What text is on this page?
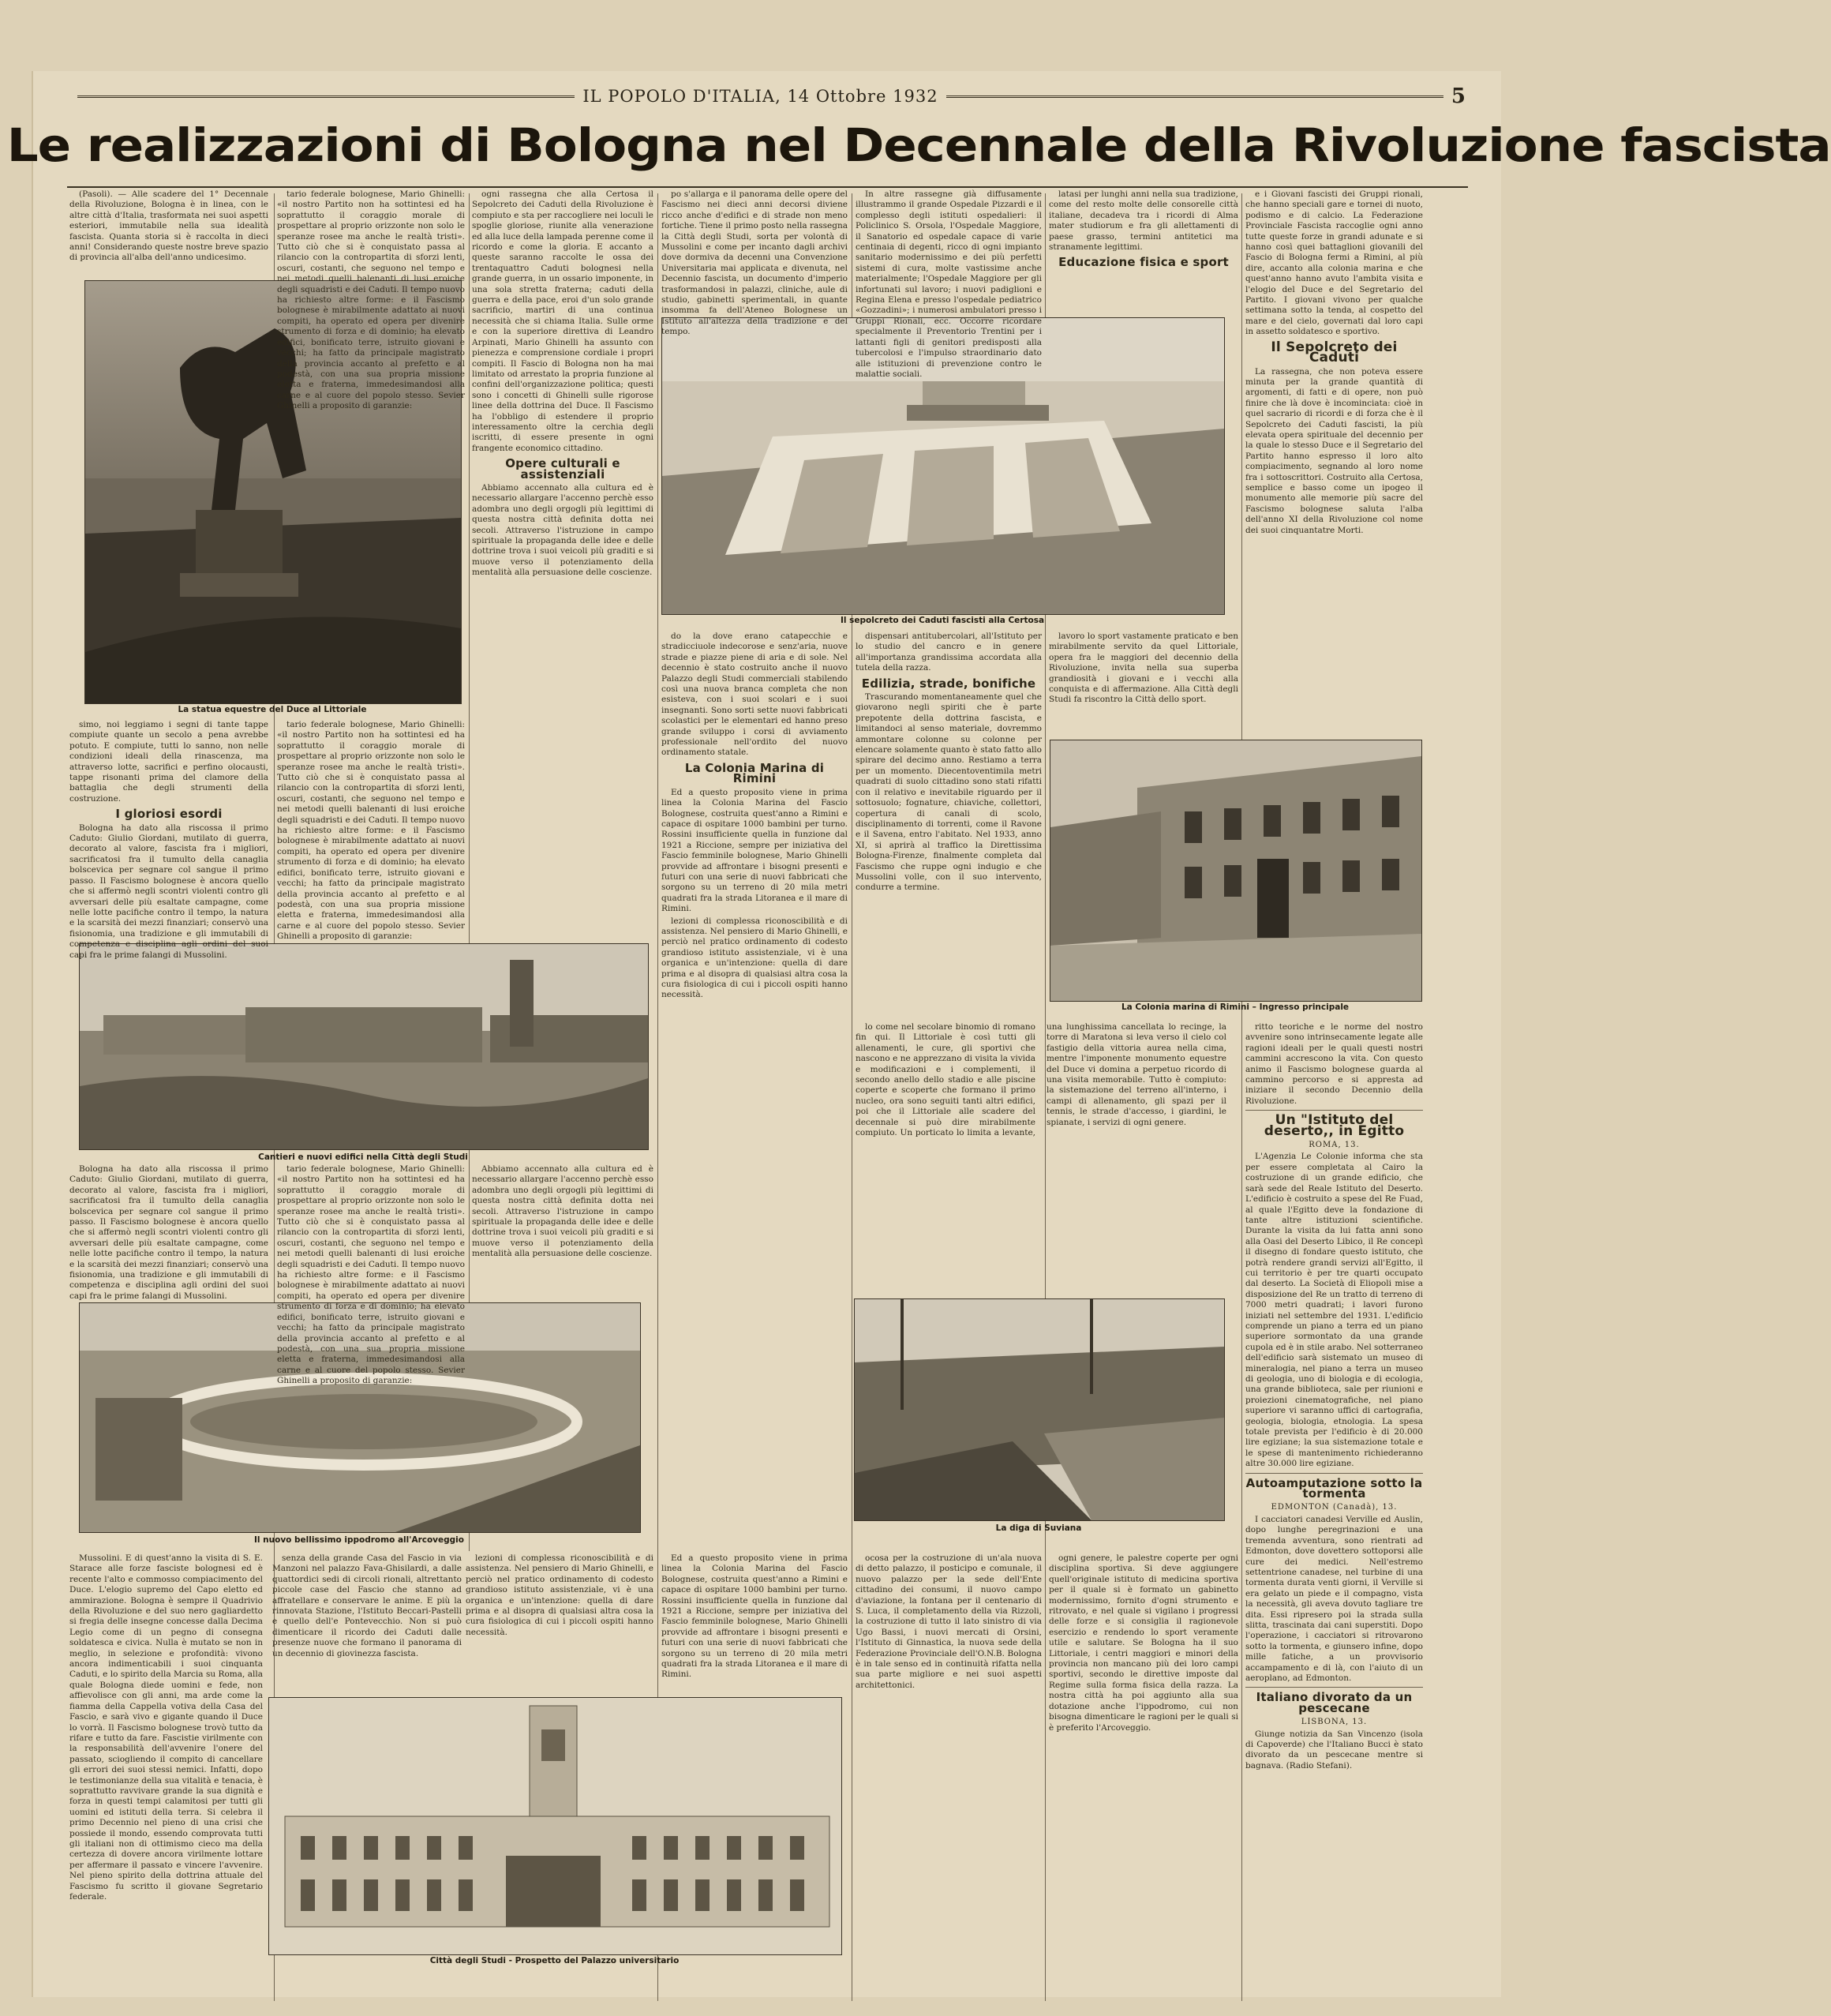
IL POPOLO D'ITALIA, 14 Ottobre 1932	5
Le realizzazioni di Bologna nel Decennale della Rivoluzione fascista
La statua equestre del Duce al Littoriale
Il sepolcreto dei Caduti fascisti alla Certosa
La Colonia marina di Rimini – Ingresso principale
Cantieri e nuovi edifici nella Città degli Studi
Il nuovo bellissimo ippodromo all'Arcoveggio
La diga di Suviana
Città degli Studi - Prospetto del Palazzo universitario

(Pasoli). — Alle scadere del 1° Decennale della Rivoluzione, Bologna è in linea, con le altre città d'Italia, trasformata nei suoi aspetti esteriori, immutabile nella sua idealità fascista. Quanta storia si è raccolta in dieci anni! Considerando queste nostre breve spazio di provincia all'alba dell'anno undicesimo.

simo, noi leggiamo i segni di tante tappe compiute quante un secolo a pena avrebbe potuto. E compiute, tutti lo sanno, non nelle condizioni ideali della rinascenza, ma attraverso lotte, sacrifici e perfino olocausti, tappe risonanti prima del clamore della battaglia che degli strumenti della costruzione.

I gloriosi esordi

Bologna ha dato alla riscossa il primo Caduto: Giulio Giordani, mutilato di guerra, decorato al valore, fascista fra i migliori, sacrificatosi fra il tumulto della canaglia bolscevica per segnare col sangue il primo passo. Il Fascismo bolognese è ancora quello che si affermò negli scontri violenti contro gli avversari delle più esaltate campagne, come nelle lotte pacifiche contro il tempo, la natura e la scarsità dei mezzi finanziari; conservò una fisionomia, una tradizione e gli immutabili di competenza e disciplina agli ordini del suoi capi fra le prime falangi di Mussolini.

Bologna ha dato alla riscossa il primo Caduto: Giulio Giordani, mutilato di guerra, decorato al valore, fascista fra i migliori, sacrificatosi fra il tumulto della canaglia bolscevica per segnare col sangue il primo passo. Il Fascismo bolognese è ancora quello che si affermò negli scontri violenti contro gli avversari delle più esaltate campagne, come nelle lotte pacifiche contro il tempo, la natura e la scarsità dei mezzi finanziari; conservò una fisionomia, una tradizione e gli immutabili di competenza e disciplina agli ordini del suoi capi fra le prime falangi di Mussolini.

Mussolini. E di quest'anno la visita di S. E. Starace alle forze fasciste bolognesi ed è recente l'alto e commosso compiacimento del Duce. L'elogio supremo del Capo eletto ed ammirazione. Bologna è sempre il Quadrivio della Rivoluzione e del suo nero gagliardetto si fregia delle insegne concesse dalla Decima Legio come di un pegno di consegna soldatesca e civica. Nulla è mutato se non in meglio, in selezione e profondità: vivono ancora indimenticabili i suoi cinquanta Caduti, e lo spirito della Marcia su Roma, alla quale Bologna diede uomini e fede, non affievolisce con gli anni, ma arde come la fiamma della Cappella votiva della Casa del Fascio, e sarà vivo e gigante quando il Duce lo vorrà. Il Fascismo bolognese trovò tutto da rifare e tutto da fare. Fascistie virilmente con la responsabilità dell'avvenire l'onere del passato, sciogliendo il compito di cancellare gli errori dei suoi stessi nemici. Infatti, dopo le testimonianze della sua vitalità e tenacia, è soprattutto ravvivare grande la sua dignità e forza in questi tempi calamitosi per tutti gli uomini ed istituti della terra. Si celebra il primo Decennio nel pieno di una crisi che possiede il mondo, essendo comprovata tutti gli italiani non di ottimismo cieco ma della certezza di dovere ancora virilmente lottare per affermare il passato e vincere l'avvenire. Nel pieno spirito della dottrina attuale del Fascismo fu scritto il giovane Segretario federale.

tario federale bolognese, Mario Ghinelli: «il nostro Partito non ha sottintesi ed ha soprattutto il coraggio morale di prospettare al proprio orizzonte non solo le speranze rosee ma anche le realtà tristi». Tutto ciò che si è conquistato passa al rilancio con la contropartita di sforzi lenti, oscuri, costanti, che seguono nel tempo e nei metodi quelli balenanti di lusi eroiche degli squadristi e dei Caduti. Il tempo nuovo ha richiesto altre forme: e il Fascismo bolognese è mirabilmente adattato ai nuovi compiti, ha operato ed opera per divenire strumento di forza e di dominio; ha elevato edifici, bonificato terre, istruito giovani e vecchi; ha fatto da principale magistrato della provincia accanto al prefetto e al podestà, con una sua propria missione eletta e fraterna, immedesimandosi alla carne e al cuore del popolo stesso. Sevier Ghinelli a proposito di garanzie:

tario federale bolognese, Mario Ghinelli: «il nostro Partito non ha sottintesi ed ha soprattutto il coraggio morale di prospettare al proprio orizzonte non solo le speranze rosee ma anche le realtà tristi». Tutto ciò che si è conquistato passa al rilancio con la contropartita di sforzi lenti, oscuri, costanti, che seguono nel tempo e nei metodi quelli balenanti di lusi eroiche degli squadristi e dei Caduti. Il tempo nuovo ha richiesto altre forme: e il Fascismo bolognese è mirabilmente adattato ai nuovi compiti, ha operato ed opera per divenire strumento di forza e di dominio; ha elevato edifici, bonificato terre, istruito giovani e vecchi; ha fatto da principale magistrato della provincia accanto al prefetto e al podestà, con una sua propria missione eletta e fraterna, immedesimandosi alla carne e al cuore del popolo stesso. Sevier Ghinelli a proposito di garanzie:

tario federale bolognese, Mario Ghinelli: «il nostro Partito non ha sottintesi ed ha soprattutto il coraggio morale di prospettare al proprio orizzonte non solo le speranze rosee ma anche le realtà tristi». Tutto ciò che si è conquistato passa al rilancio con la contropartita di sforzi lenti, oscuri, costanti, che seguono nel tempo e nei metodi quelli balenanti di lusi eroiche degli squadristi e dei Caduti. Il tempo nuovo ha richiesto altre forme: e il Fascismo bolognese è mirabilmente adattato ai nuovi compiti, ha operato ed opera per divenire strumento di forza e di dominio; ha elevato edifici, bonificato terre, istruito giovani e vecchi; ha fatto da principale magistrato della provincia accanto al prefetto e al podestà, con una sua propria missione eletta e fraterna, immedesimandosi alla carne e al cuore del popolo stesso. Sevier Ghinelli a proposito di garanzie:

senza della grande Casa del Fascio in via Manzoni nel palazzo Fava-Ghisilardi, a dalle quattordici sedi di circoli rionali, altrettanto piccole case del Fascio che stanno ad affratellare e conservare le anime. E più la rinnovata Stazione, l'Istituto Beccari-Pastelli e quello dell'e Pontevecchio. Non si può dimenticare il ricordo dei Caduti dalle presenze nuove che formano il panorama di un decennio di giovinezza fascista.

ogni rassegna che alla Certosa il Sepolcreto dei Caduti della Rivoluzione è compiuto e sta per raccogliere nei loculi le spoglie gloriose, riunite alla venerazione ed alla luce della lampada perenne come il ricordo e come la gloria. E accanto a queste saranno raccolte le ossa dei trentaquattro Caduti bolognesi nella grande guerra, in un ossario imponente, in una sola stretta fraterna; caduti della guerra e della pace, eroi d'un solo grande sacrificio, martiri di una continua necessità che si chiama Italia. Sulle orme e con la superiore direttiva di Leandro Arpinati, Mario Ghinelli ha assunto con pienezza e comprensione cordiale i propri compiti. Il Fascio di Bologna non ha mai limitato od arrestato la propria funzione al confini dell'organizzazione politica; questi sono i concetti di Ghinelli sulle rigorose linee della dottrina del Duce. Il Fascismo ha l'obbligo di estendere il proprio interessamento oltre la cerchia degli iscritti, di essere presente in ogni frangente economico cittadino.

Opere culturali e assistenziali

Abbiamo accennato alla cultura ed è necessario allargare l'accenno perchè esso adombra uno degli orgogli più legittimi di questa nostra città definita dotta nei secoli. Attraverso l'istruzione in campo spirituale la propaganda delle idee e delle dottrine trova i suoi veicoli più graditi e si muove verso il potenziamento della mentalità alla persuasione delle coscienze.

Abbiamo accennato alla cultura ed è necessario allargare l'accenno perchè esso adombra uno degli orgogli più legittimi di questa nostra città definita dotta nei secoli. Attraverso l'istruzione in campo spirituale la propaganda delle idee e delle dottrine trova i suoi veicoli più graditi e si muove verso il potenziamento della mentalità alla persuasione delle coscienze.

lezioni di complessa riconoscibilità e di assistenza. Nel pensiero di Mario Ghinelli, e perciò nel pratico ordinamento di codesto grandioso istituto assistenziale, vi è una organica e un'intenzione: quella di dare prima e al disopra di qualsiasi altra cosa la cura fisiologica di cui i piccoli ospiti hanno necessità.

po s'allarga e il panorama delle opere del Fascismo nei dieci anni decorsi diviene ricco anche d'edifici e di strade non meno fortiche. Tiene il primo posto nella rassegna la Città degli Studi, sorta per volontà di Mussolini e come per incanto dagli archivi dove dormiva da decenni una Convenzione Universitaria mai applicata e divenuta, nel Decennio fascista, un documento d'imperio trasformandosi in palazzi, cliniche, aule di studio, gabinetti sperimentali, in quante insomma fa dell'Ateneo Bolognese un Istituto all'altezza della tradizione e del tempo.

do la dove erano catapecchie e stradicciuole indecorose e senz'aria, nuove strade e piazze piene di aria e di sole. Nel decennio è stato costruito anche il nuovo Palazzo degli Studi commerciali stabilendo così una nuova branca completa che non esisteva, con i suoi scolari e i suoi insegnanti. Sono sorti sette nuovi fabbricati scolastici per le elementari ed hanno preso grande sviluppo i corsi di avviamento professionale nell'ordito del nuovo ordinamento statale.

La Colonia Marina di Rimini

Ed a questo proposito viene in prima linea la Colonia Marina del Fascio Bolognese, costruita quest'anno a Rimini e capace di ospitare 1000 bambini per turno. Rossini insufficiente quella in funzione dal 1921 a Riccione, sempre per iniziativa del Fascio femminile bolognese, Mario Ghinelli provvide ad affrontare i bisogni presenti e futuri con una serie di nuovi fabbricati che sorgono su un terreno di 20 mila metri quadrati fra la strada Litoranea e il mare di Rimini.

lezioni di complessa riconoscibilità e di assistenza. Nel pensiero di Mario Ghinelli, e perciò nel pratico ordinamento di codesto grandioso istituto assistenziale, vi è una organica e un'intenzione: quella di dare prima e al disopra di qualsiasi altra cosa la cura fisiologica di cui i piccoli ospiti hanno necessità.

Ed a questo proposito viene in prima linea la Colonia Marina del Fascio Bolognese, costruita quest'anno a Rimini e capace di ospitare 1000 bambini per turno. Rossini insufficiente quella in funzione dal 1921 a Riccione, sempre per iniziativa del Fascio femminile bolognese, Mario Ghinelli provvide ad affrontare i bisogni presenti e futuri con una serie di nuovi fabbricati che sorgono su un terreno di 20 mila metri quadrati fra la strada Litoranea e il mare di Rimini.

In altre rassegne già diffusamente illustrammo il grande Ospedale Pizzardi e il complesso degli istituti ospedalieri: il Policlinico S. Orsola, l'Ospedale Maggiore, il Sanatorio ed ospedale capace di varie centinaia di degenti, ricco di ogni impianto sanitario modernissimo e dei più perfetti sistemi di cura, molte vastissime anche materialmente; l'Ospedale Maggiore per gli infortunati sul lavoro; i nuovi padiglioni e Regina Elena e presso l'ospedale pediatrico «Gozzadini»; i numerosi ambulatori presso i Gruppi Rionali, ecc. Occorre ricordare specialmente il Preventorio Trentini per i lattanti figli di genitori predisposti alla tubercolosi e l'impulso straordinario dato alle istituzioni di prevenzione contro le malattie sociali.

dispensari antitubercolari, all'Istituto per lo studio del cancro e in genere all'importanza grandissima accordata alla tutela della razza.

Edilizia, strade, bonifiche

Trascurando momentaneamente quel che giovarono negli spiriti che è parte prepotente della dottrina fascista, e limitandoci al senso materiale, dovremmo ammontare colonne su colonne per elencare solamente quanto è stato fatto allo spirare del decimo anno. Restiamo a terra per un momento. Diecentoventimila metri quadrati di suolo cittadino sono stati rifatti con il relativo e inevitabile riguardo per il sottosuolo; fognature, chiaviche, collettori, copertura di canali di scolo, disciplinamento di torrenti, come il Ravone e il Savena, entro l'abitato. Nel 1933, anno XI, si aprirà al traffico la Direttissima Bologna-Firenze, finalmente completa dal Fascismo che ruppe ogni indugio e che Mussolini volle, con il suo intervento, condurre a termine.

ocosa per la costruzione di un'ala nuova di detto palazzo, il posticipo e comunale, il nuovo palazzo per la sede dell'Ente cittadino dei consumi, il nuovo campo d'aviazione, la fontana per il centenario di S. Luca, il completamento della via Rizzoli, la costruzione di tutto il lato sinistro di via Ugo Bassi, i nuovi mercati di Orsini, l'Istituto di Ginnastica, la nuova sede della Federazione Provinciale dell'O.N.B. Bologna è in tale senso ed in continuità rifatta nella sua parte migliore e nei suoi aspetti architettonici.

latasi per lunghi anni nella sua tradizione, come del resto molte delle consorelle città italiane, decadeva tra i ricordi di Alma mater studiorum e fra gli allettamenti di paese grasso, termini antitetici ma stranamente legittimi.

Educazione fisica e sport

lavoro lo sport vastamente praticato e ben mirabilmente servito da quel Littoriale, opera fra le maggiori del decennio della Rivoluzione, invita nella sua superba grandiosità i giovani e i vecchi alla conquista e di affermazione. Alla Città degli Studi fa riscontro la Città dello sport.

lo come nel secolare binomio di romano fin qui. Il Littoriale è così tutti gli allenamenti, le cure, gli sportivi che nascono e ne apprezzano di visita la vivida e modificazioni e i complementi, il secondo anello dello stadio e alle piscine coperte e scoperte che formano il primo nucleo, ora sono seguiti tanti altri edifici, poi che il Littoriale alle scadere del decennale si può dire mirabilmente compiuto. Un porticato lo limita a levante, una lunghissima cancellata lo recinge, la torre di Maratona si leva verso il cielo col fastigio della vittoria aurea nella cima, mentre l'imponente monumento equestre del Duce vi domina a perpetuo ricordo di una visita memorabile. Tutto è compiuto: la sistemazione del terreno all'interno, i campi di allenamento, gli spazi per il tennis, le strade d'accesso, i giardini, le spianate, i servizi di ogni genere.

ogni genere, le palestre coperte per ogni disciplina sportiva. Si deve aggiungere quell'originale istituto di medicina sportiva per il quale si è formato un gabinetto modernissimo, fornito d'ogni strumento e ritrovato, e nel quale si vigilano i progressi delle forze e si consiglia il ragionevole esercizio e rendendo lo sport veramente utile e salutare. Se Bologna ha il suo Littoriale, i centri maggiori e minori della provincia non mancano più dei loro campi sportivi, secondo le direttive imposte dal Regime sulla forma fisica della razza. La nostra città ha poi aggiunto alla sua dotazione anche l'ippodromo, cui non bisogna dimenticare le ragioni per le quali si è preferito l'Arcoveggio.

e i Giovani fascisti dei Gruppi rionali, che hanno speciali gare e tornei di nuoto, podismo e di calcio. La Federazione Provinciale Fascista raccoglie ogni anno tutte queste forze in grandi adunate e si hanno così quei battaglioni giovanili del Fascio di Bologna fermi a Rimini, al più dire, accanto alla colonia marina e che quest'anno hanno avuto l'ambita visita e l'elogio del Duce e del Segretario del Partito. I giovani vivono per qualche settimana sotto la tenda, al cospetto del mare e del cielo, governati dal loro capi in assetto soldatesco e sportivo.

Il Sepolcreto dei Caduti

La rassegna, che non poteva essere minuta per la grande quantità di argomenti, di fatti e di opere, non può finire che là dove è incominciata: cioè in quel sacrario di ricordi e di forza che è il Sepolcreto dei Caduti fascisti, la più elevata opera spirituale del decennio per la quale lo stesso Duce e il Segretario del Partito hanno espresso il loro alto compiacimento, segnando al loro nome fra i sottoscrittori. Costruito alla Certosa, semplice e basso come un ipogeo il monumento alle memorie più sacre del Fascismo bolognese saluta l'alba dell'anno XI della Rivoluzione col nome dei suoi cinquantatre Morti.

ritto teoriche e le norme del nostro avvenire sono intrinsecamente legate alle ragioni ideali per le quali questi nostri cammini accrescono la vita. Con questo animo il Fascismo bolognese guarda al cammino percorso e si appresta ad iniziare il secondo Decennio della Rivoluzione.

Un "Istituto del deserto,, in Egitto
ROMA, 13.

L'Agenzia Le Colonie informa che sta per essere completata al Cairo la costruzione di un grande edificio, che sarà sede del Reale Istituto del Deserto. L'edificio è costruito a spese del Re Fuad, al quale l'Egitto deve la fondazione di tante altre istituzioni scientifiche. Durante la visita da lui fatta anni sono alla Oasi del Deserto Libico, il Re concepì il disegno di fondare questo istituto, che potrà rendere grandi servizi all'Egitto, il cui territorio è per tre quarti occupato dal deserto. La Società di Eliopoli mise a disposizione del Re un tratto di terreno di 7000 metri quadrati; i lavori furono iniziati nel settembre del 1931. L'edificio comprende un piano a terra ed un piano superiore sormontato da una grande cupola ed è in stile arabo. Nel sotterraneo dell'edificio sarà sistemato un museo di mineralogia, nel piano a terra un museo di geologia, uno di biologia e di ecologia, una grande biblioteca, sale per riunioni e proiezioni cinematografiche, nel piano superiore vi saranno uffici di cartografia, geologia, biologia, etnologia. La spesa totale prevista per l'edificio è di 20.000 lire egiziane; la sua sistemazione totale e le spese di mantenimento richiederanno altre 30.000 lire egiziane.

Autoamputazione sotto la tormenta
EDMONTON (Canadà), 13.

I cacciatori canadesi Verville ed Auslin, dopo lunghe peregrinazioni e una tremenda avventura, sono rientrati ad Edmonton, dove dovettero sottoporsi alle cure dei medici. Nell'estremo settentrione canadese, nel turbine di una tormenta durata venti giorni, il Verville si era gelato un piede e il compagno, vista la necessità, gli aveva dovuto tagliare tre dita. Essi ripresero poi la strada sulla slitta, trascinata dai cani superstiti. Dopo l'operazione, i cacciatori si ritrovarono sotto la tormenta, e giunsero infine, dopo mille fatiche, a un provvisorio accampamento e di là, con l'aiuto di un aeroplano, ad Edmonton.

Italiano divorato da un pescecane
LISBONA, 13.

Giunge notizia da San Vincenzo (isola di Capoverde) che l'Italiano Bucci è stato divorato da un pescecane mentre si bagnava. (Radio Stefani).
